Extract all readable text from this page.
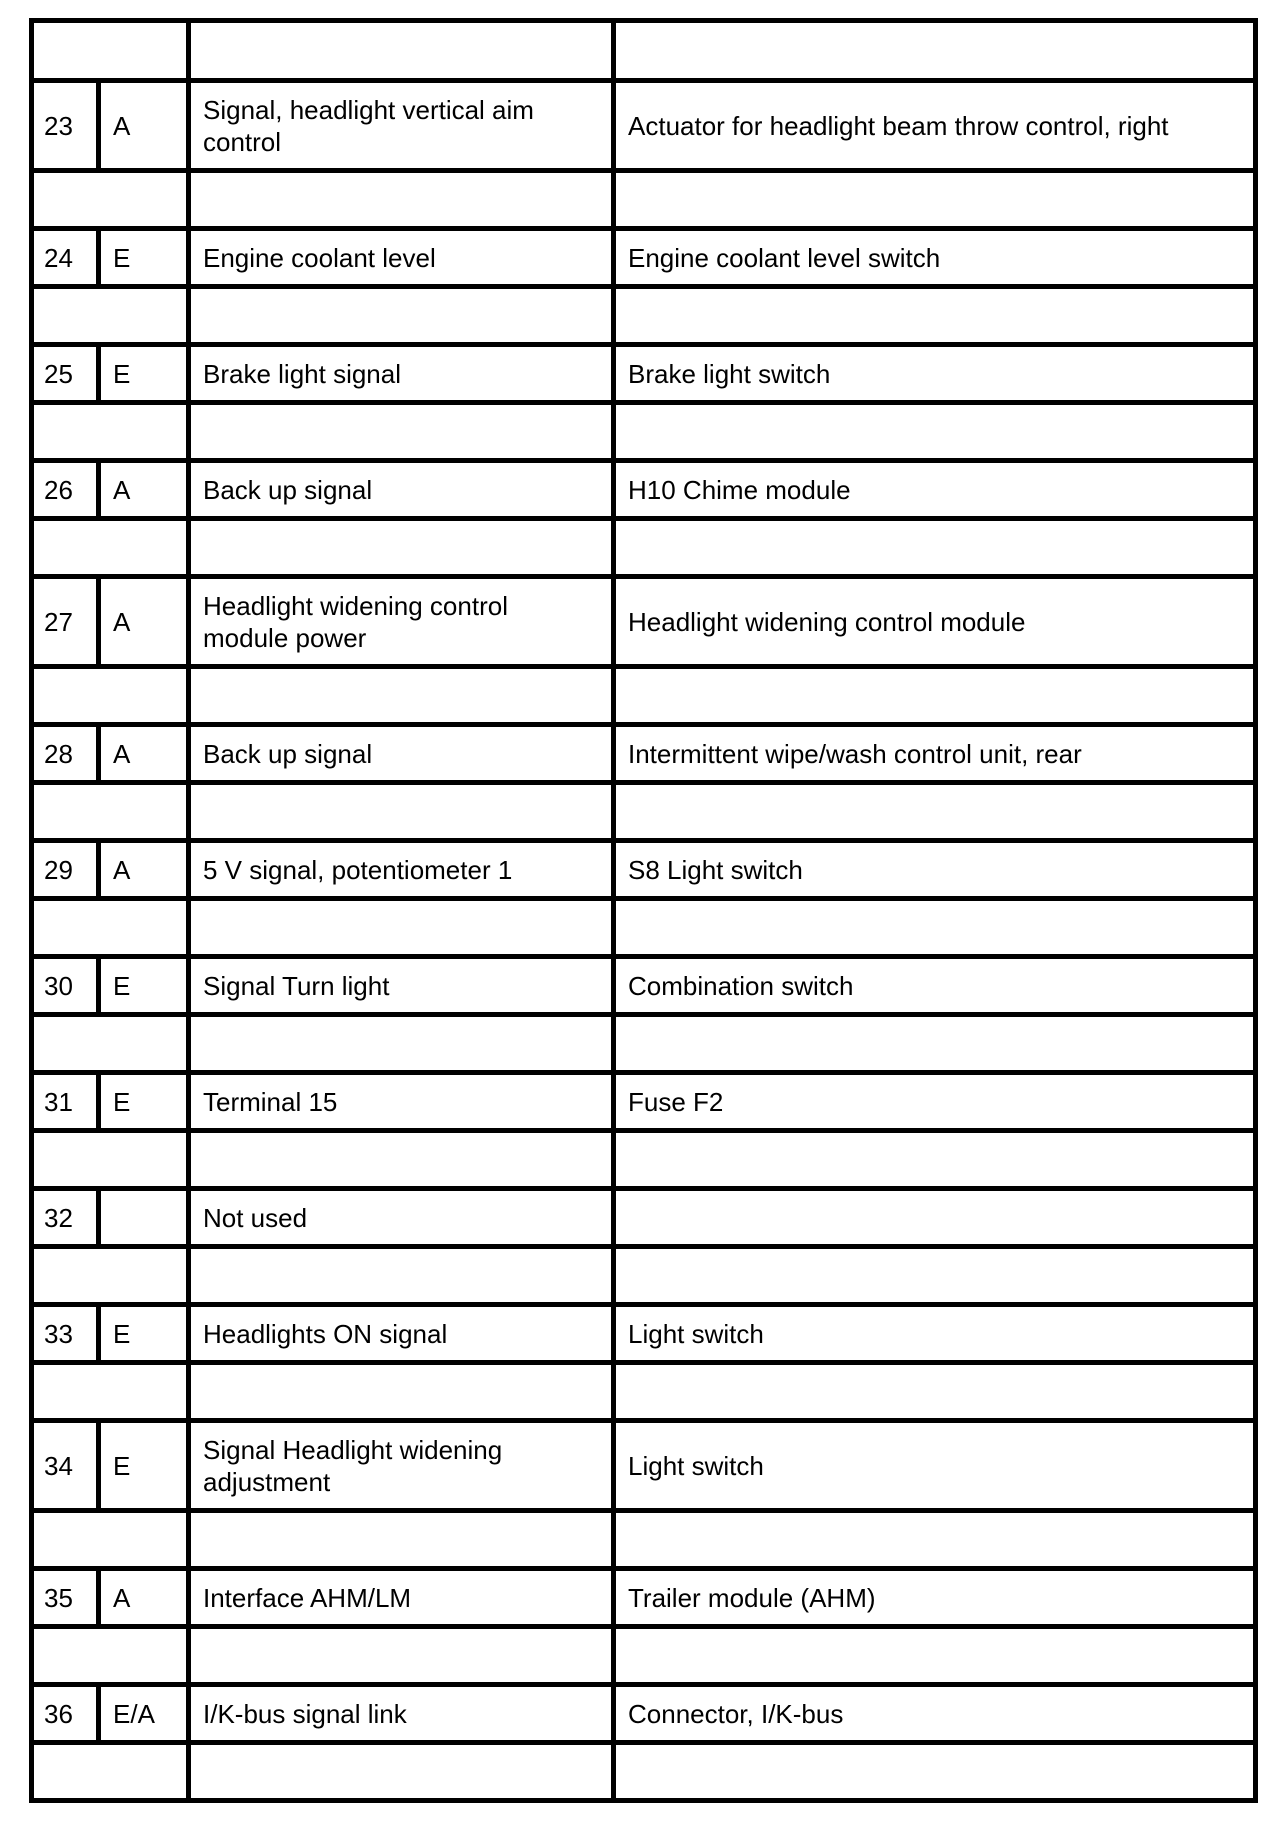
23	A	Signal, headlight vertical aim control	Actuator for headlight beam throw control, right

24	E	Engine coolant level	Engine coolant level switch

25	E	Brake light signal	Brake light switch

26	A	Back up signal	H10 Chime module

27	A	Headlight widening control module power	Headlight widening control module

28	A	Back up signal	Intermittent wipe/wash control unit, rear

29	A	5 V signal, potentiometer 1	S8 Light switch

30	E	Signal Turn light	Combination switch

31	E	Terminal 15	Fuse F2

32		Not used	

33	E	Headlights ON signal	Light switch

34	E	Signal Headlight widening adjustment	Light switch

35	A	Interface AHM/LM	Trailer module (AHM)

36	E/A	I/K-bus signal link	Connector, I/K-bus
